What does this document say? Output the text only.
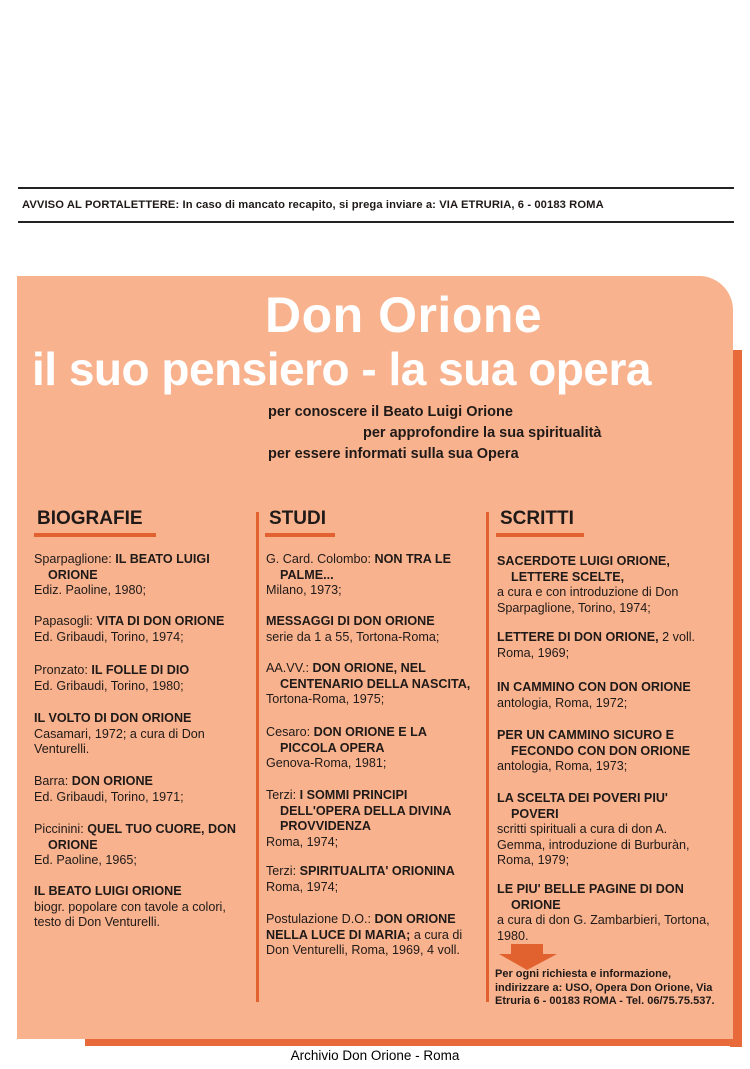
AVVISO AL PORTALETTERE: In caso di mancato recapito, si prega inviare a: VIA ETRURIA, 6 - 00183 ROMA
Don Orione
il suo pensiero - la sua opera
per conoscere il Beato Luigi Orione
per approfondire la sua spiritualità
per essere informati sulla sua Opera
BIOGRAFIE	STUDI	SCRITTI
Sparpaglione: IL BEATO LUIGI ORIONE
Ediz. Paoline, 1980;
Papasogli: VITA DI DON ORIONE
Ed. Gribaudi, Torino, 1974;
Pronzato: IL FOLLE DI DIO
Ed. Gribaudi, Torino, 1980;
IL VOLTO DI DON ORIONE
Casamari, 1972; a cura di Don Venturelli.
Barra: DON ORIONE
Ed. Gribaudi, Torino, 1971;
Piccinini: QUEL TUO CUORE, DON ORIONE
Ed. Paoline, 1965;
IL BEATO LUIGI ORIONE
biogr. popolare con tavole a colori, testo di Don Venturelli.
G. Card. Colombo: NON TRA LE PALME...
Milano, 1973;
MESSAGGI DI DON ORIONE
serie da 1 a 55, Tortona-Roma;
AA.VV.: DON ORIONE, NEL CENTENARIO DELLA NASCITA,
Tortona-Roma, 1975;
Cesaro: DON ORIONE E LA PICCOLA OPERA
Genova-Roma, 1981;
Terzi: I SOMMI PRINCIPI DELL'OPERA DELLA DIVINA PROVVIDENZA
Roma, 1974;
Terzi: SPIRITUALITA' ORIONINA
Roma, 1974;
Postulazione D.O.: DON ORIONE NELLA LUCE DI MARIA; a cura di Don Venturelli, Roma, 1969, 4 voll.
SACERDOTE LUIGI ORIONE, LETTERE SCELTE,
a cura e con introduzione di Don Sparpaglione, Torino, 1974;
LETTERE DI DON ORIONE, 2 voll.
Roma, 1969;
IN CAMMINO CON DON ORIONE
antologia, Roma, 1972;
PER UN CAMMINO SICURO E FECONDO CON DON ORIONE
antologia, Roma, 1973;
LA SCELTA DEI POVERI PIU' POVERI
scritti spirituali a cura di don A. Gemma, introduzione di Burburàn, Roma, 1979;
LE PIU' BELLE PAGINE DI DON ORIONE
a cura di don G. Zambarbieri, Tortona, 1980.
Per ogni richiesta e informazione, indirizzare a: USO, Opera Don Orione, Via Etruria 6 - 00183 ROMA - Tel. 06/75.75.537.
Archivio Don Orione - Roma
